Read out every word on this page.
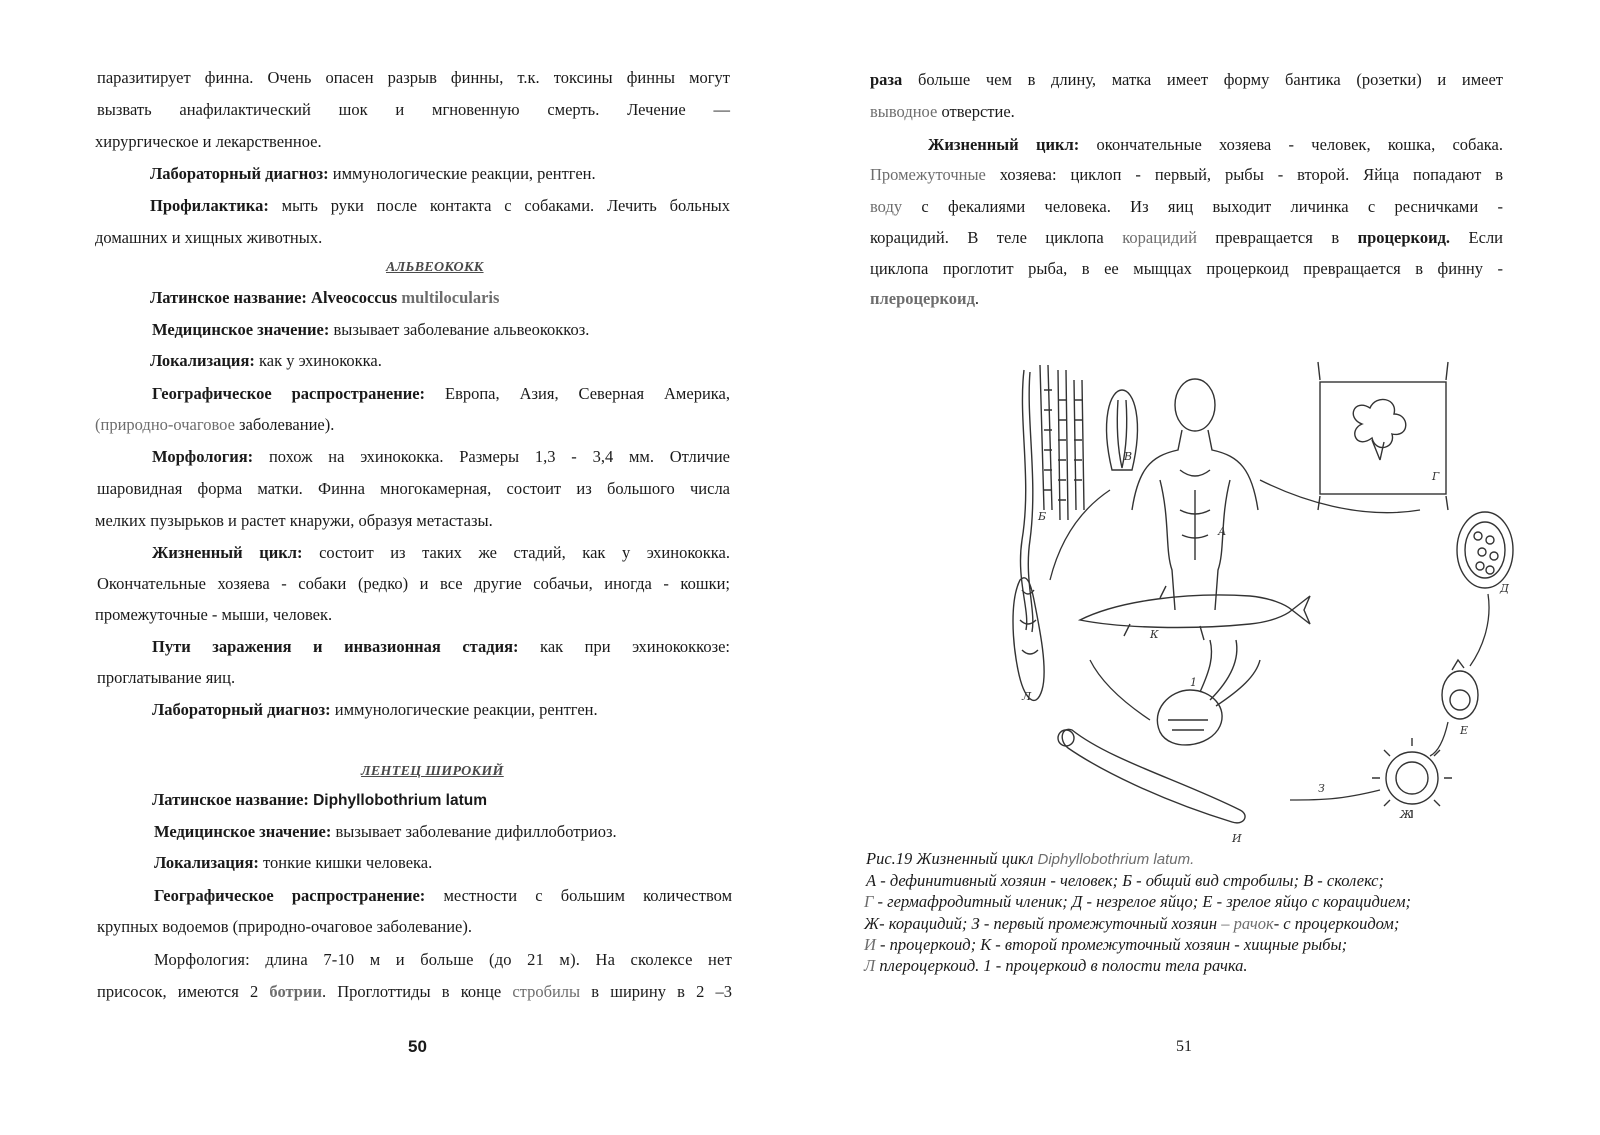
паразитирует финна. Очень опасен разрыв финны, т.к. токсины финны могут
вызвать анафилактический шок и мгновенную смерть. Лечение —
хирургическое и лекарственное.
Лабораторный диагноз: иммунологические реакции, рентген.
Профилактика: мыть руки после контакта с собаками. Лечить больных
домашних и хищных животных.
АЛЬВЕОКОКК
Латинское название: Alveococcus multilocularis
Медицинское значение: вызывает заболевание альвеококкоз.
Локализация: как у эхинококка.
Географическое распространение: Европа, Азия, Северная Америка,
(природно-очаговое заболевание).
Морфология: похож на эхинококка. Размеры 1,3 - 3,4 мм. Отличие
шаровидная форма матки. Финна многокамерная, состоит из большого числа
мелких пузырьков и растет кнаружи, образуя метастазы.
Жизненный цикл: состоит из таких же стадий, как у эхинококка.
Окончательные хозяева - собаки (редко) и все другие собачьи, иногда - кошки;
промежуточные - мыши, человек.
Пути заражения и инвазионная стадия: как при эхинококкозе:
проглатывание яиц.
Лабораторный диагноз: иммунологические реакции, рентген.
ЛЕНТЕЦ ШИРОКИЙ
Латинское название: Diphyllobothrium latum
Медицинское значение: вызывает заболевание дифиллоботриоз.
Локализация: тонкие кишки человека.
Географическое распространение: местности с большим количеством
крупных водоемов (природно-очаговое заболевание).
Морфология: длина 7-10 м и больше (до 21 м). На сколексе нет
присосок, имеются 2 ботрии. Проглоттиды в конце стробилы в ширину в 2 –3
50
раза больше чем в длину, матка имеет форму бантика (розетки) и имеет
выводное отверстие.
Жизненный цикл: окончательные хозяева - человек, кошка, собака.
Промежуточные хозяева: циклоп - первый, рыбы - второй. Яйца попадают в
воду с фекалиями человека. Из яиц выходит личинка с ресничками -
корацидий. В теле циклопа корацидий превращается в процеркоид. Если
циклопа проглотит рыба, в ее мыщцах процеркоид превращается в финну -
плероцеркоид.
Б
В
А
Г
Д
Е
Ж
З
И
К
Л
1
Рис.19 Жизненный цикл Diphyllobothrium latum.
А - дефинитивный хозяин - человек; Б - общий вид стробилы; В - сколекс;
Г - гермафродитный членик; Д - незрелое яйцо; Е - зрелое яйцо с корацидием;
Ж- корацидий; З - первый промежуточный хозяин – рачок- с процеркоидом;
И - процеркоид; К - второй промежуточный хозяин - хищные рыбы;
Л плероцеркоид. 1 - процеркоид в полости тела рачка.
51
